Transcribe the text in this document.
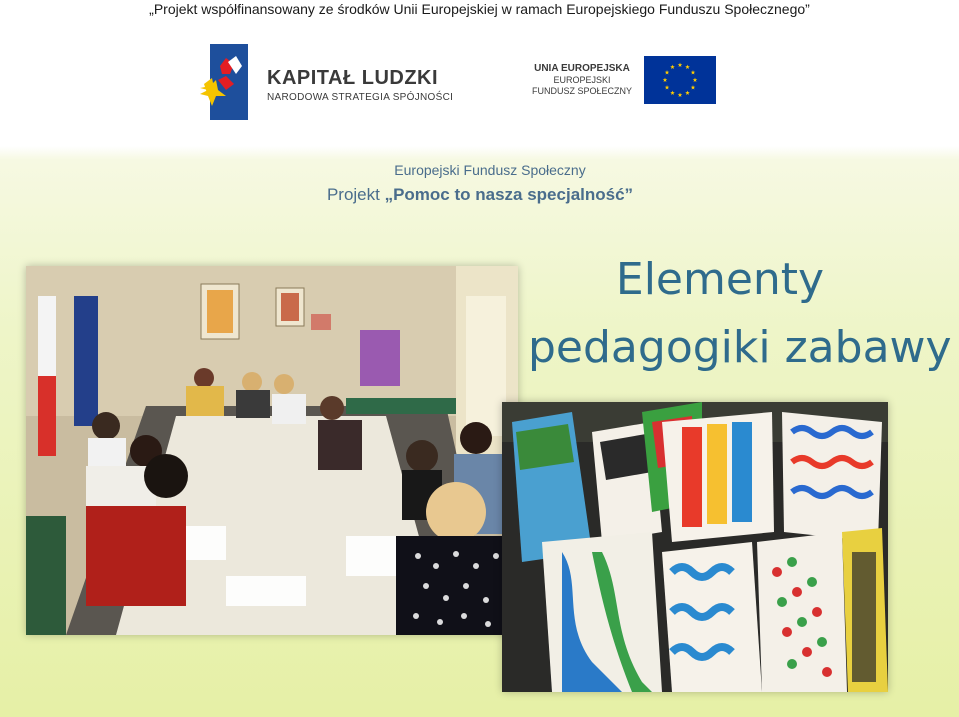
„Projekt współfinansowany ze środków Unii Europejskiej w ramach Europejskiego Funduszu Społecznego”
KAPITAŁ LUDZKI
NARODOWA STRATEGIA SPÓJNOŚCI
UNIA EUROPEJSKA
EUROPEJSKI
FUNDUSZ SPOŁECZNY
Europejski Fundusz Społeczny
Projekt „Pomoc to nasza specjalność”
Elementy
pedagogiki zabawy
